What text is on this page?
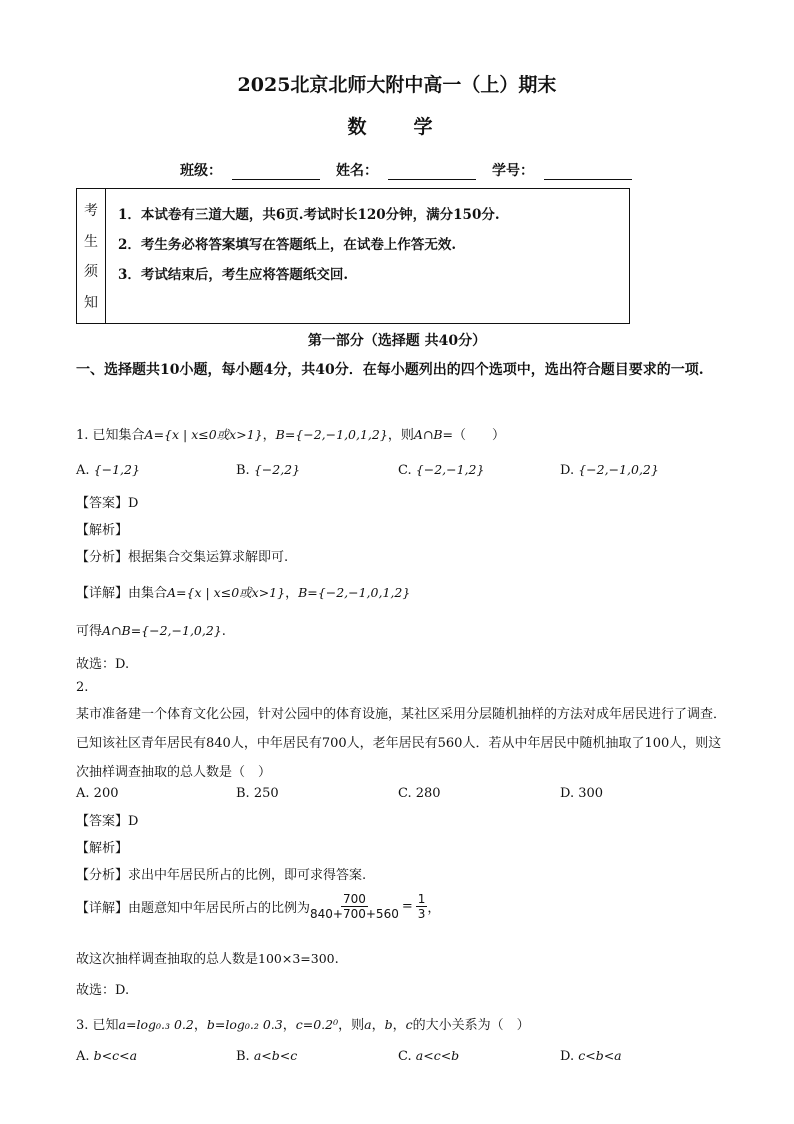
2025北京北师大附中高一（上）期末
数　学
班级：	姓名：	学号：
考
生
须
知
1．本试卷有三道大题，共6页.考试时长120分钟，满分150分.
2．考生务必将答案填写在答题纸上，在试卷上作答无效.
3．考试结束后，考生应将答题纸交回.
第一部分（选择题 共40分）
一、选择题共10小题，每小题4分，共40分．在每小题列出的四个选项中，选出符合题目要求的一项.
1. 已知集合A={x | x≤0或x>1}，B={−2,−1,0,1,2}，则A∩B=（　　）
A. {−1,2}	B. {−2,2}	C. {−2,−1,2}	D. {−2,−1,0,2}
【答案】D
【解析】
【分析】根据集合交集运算求解即可.
【详解】由集合A={x | x≤0或x>1}，B={−2,−1,0,1,2}
可得A∩B={−2,−1,0,2}.
故选：D.
2.
某市准备建一个体育文化公园，针对公园中的体育设施，某社区采用分层随机抽样的方法对成年居民进行了调查．已知该社区青年居民有840人，中年居民有700人，老年居民有560人．若从中年居民中随机抽取了100人，则这次抽样调查抽取的总人数是（　）
A. 200	B. 250	C. 280	D. 300
【答案】D
【解析】
【分析】求出中年居民所占的比例，即可求得答案.
【详解】由题意知中年居民所占的比例为 $\frac{700}{840+700+560} = \frac{1}{3}$ ，
故这次抽样调查抽取的总人数是100×3=300.
故选：D.
3. 已知a=log₀.₃ 0.2，b=log₀.₂ 0.3，c=0.2⁰，则a，b，c的大小关系为（　）
A. b<c<a	B. a<b<c	C. a<c<b	D. c<b<a
